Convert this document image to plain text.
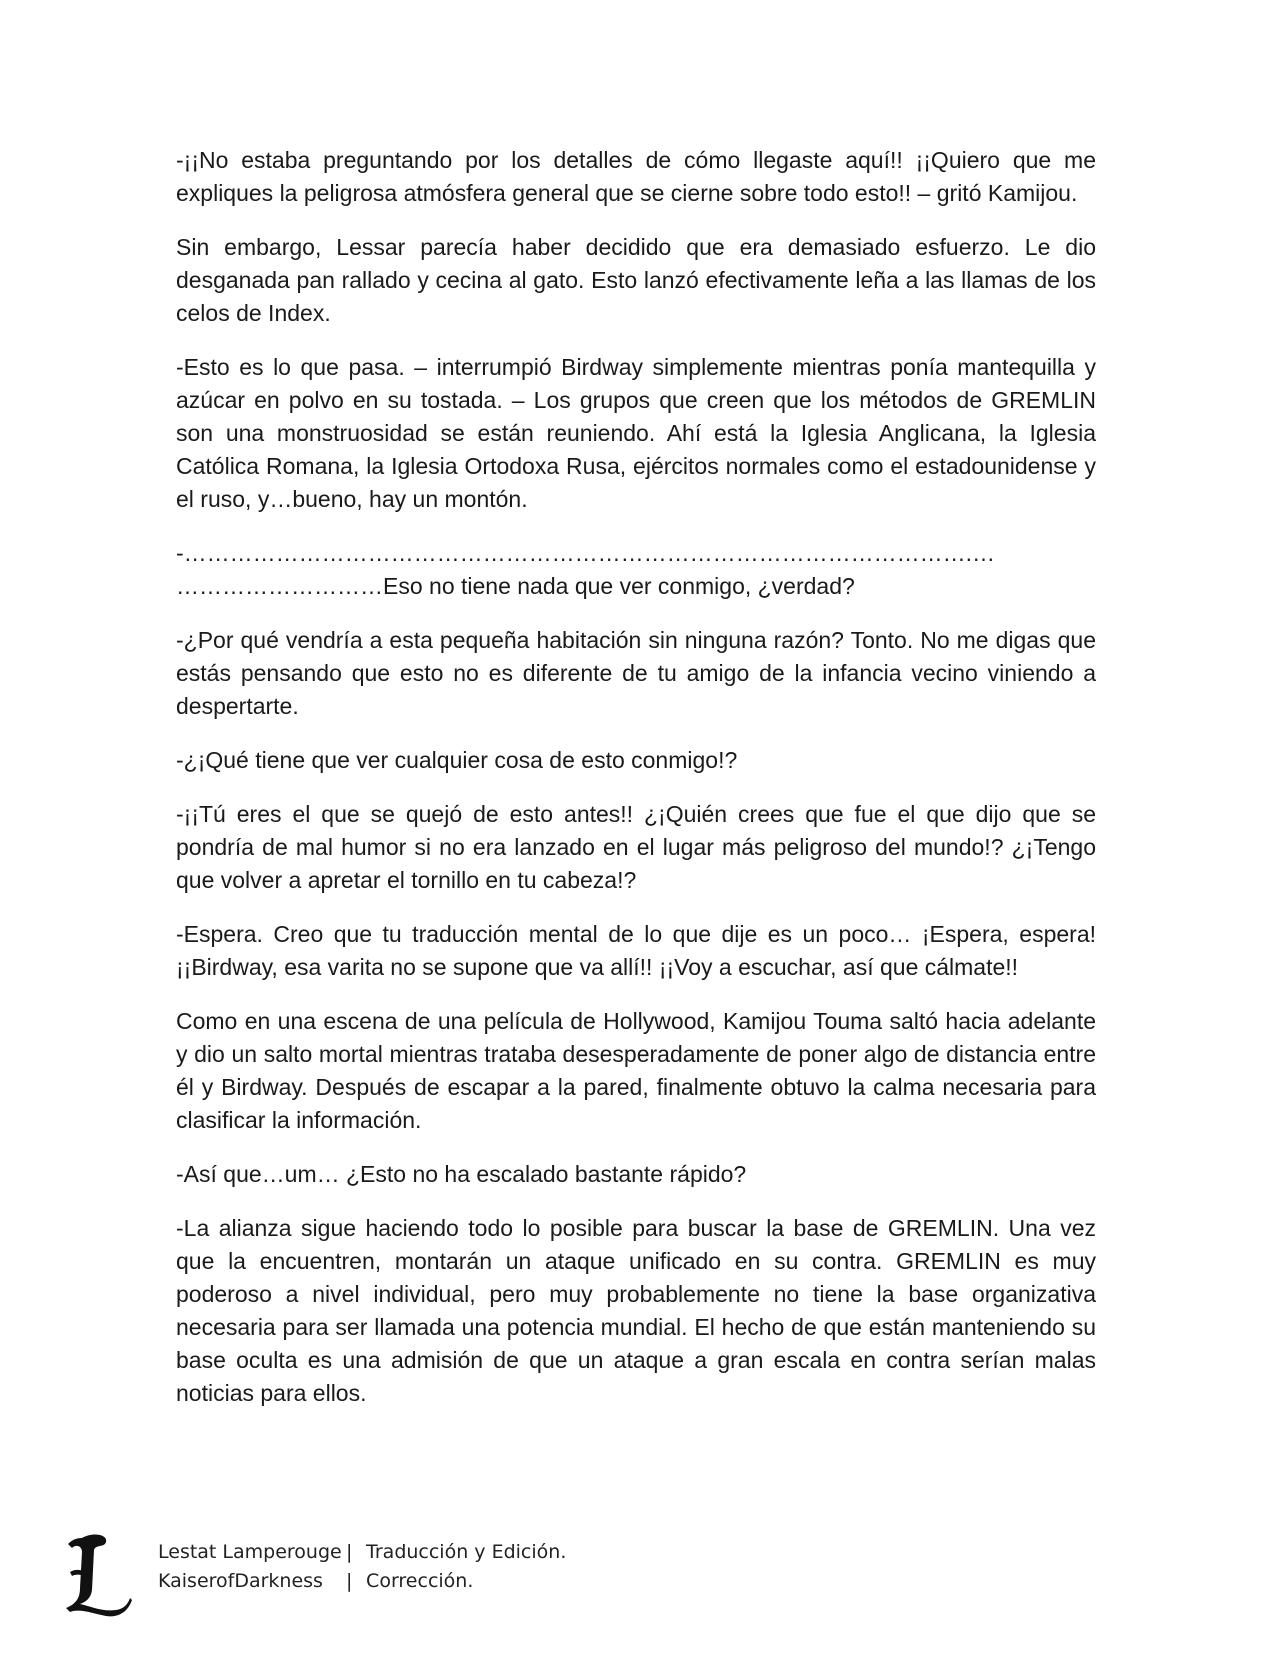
-¡¡No estaba preguntando por los detalles de cómo llegaste aquí!! ¡¡Quiero que me expliques la peligrosa atmósfera general que se cierne sobre todo esto!! – gritó Kamijou.

Sin embargo, Lessar parecía haber decidido que era demasiado esfuerzo. Le dio desganada pan rallado y cecina al gato. Esto lanzó efectivamente leña a las llamas de los celos de Index.

-Esto es lo que pasa. – interrumpió Birdway simplemente mientras ponía mantequilla y azúcar en polvo en su tostada. – Los grupos que creen que los métodos de GREMLIN son una monstruosidad se están reuniendo. Ahí está la Iglesia Anglicana, la Iglesia Católica Romana, la Iglesia Ortodoxa Rusa, ejércitos normales como el estadounidense y el ruso, y…bueno, hay un montón.

-………………………………………………………………………………………….…
………………………Eso no tiene nada que ver conmigo, ¿verdad?

-¿Por qué vendría a esta pequeña habitación sin ninguna razón? Tonto. No me digas que estás pensando que esto no es diferente de tu amigo de la infancia vecino viniendo a despertarte.

-¿¡Qué tiene que ver cualquier cosa de esto conmigo!?

-¡¡Tú eres el que se quejó de esto antes!! ¿¡Quién crees que fue el que dijo que se pondría de mal humor si no era lanzado en el lugar más peligroso del mundo!? ¿¡Tengo que volver a apretar el tornillo en tu cabeza!?

-Espera. Creo que tu traducción mental de lo que dije es un poco… ¡Espera, espera! ¡¡Birdway, esa varita no se supone que va allí!! ¡¡Voy a escuchar, así que cálmate!!

Como en una escena de una película de Hollywood, Kamijou Touma saltó hacia adelante y dio un salto mortal mientras trataba desesperadamente de poner algo de distancia entre él y Birdway. Después de escapar a la pared, finalmente obtuvo la calma necesaria para clasificar la información.

-Así que…um… ¿Esto no ha escalado bastante rápido?

-La alianza sigue haciendo todo lo posible para buscar la base de GREMLIN. Una vez que la encuentren, montarán un ataque unificado en su contra. GREMLIN es muy poderoso a nivel individual, pero muy probablemente no tiene la base organizativa necesaria para ser llamada una potencia mundial. El hecho de que están manteniendo su base oculta es una admisión de que un ataque a gran escala en contra serían malas noticias para ellos.

Lestat Lamperouge | Traducción y Edición.
KaiserofDarkness | Corrección.
